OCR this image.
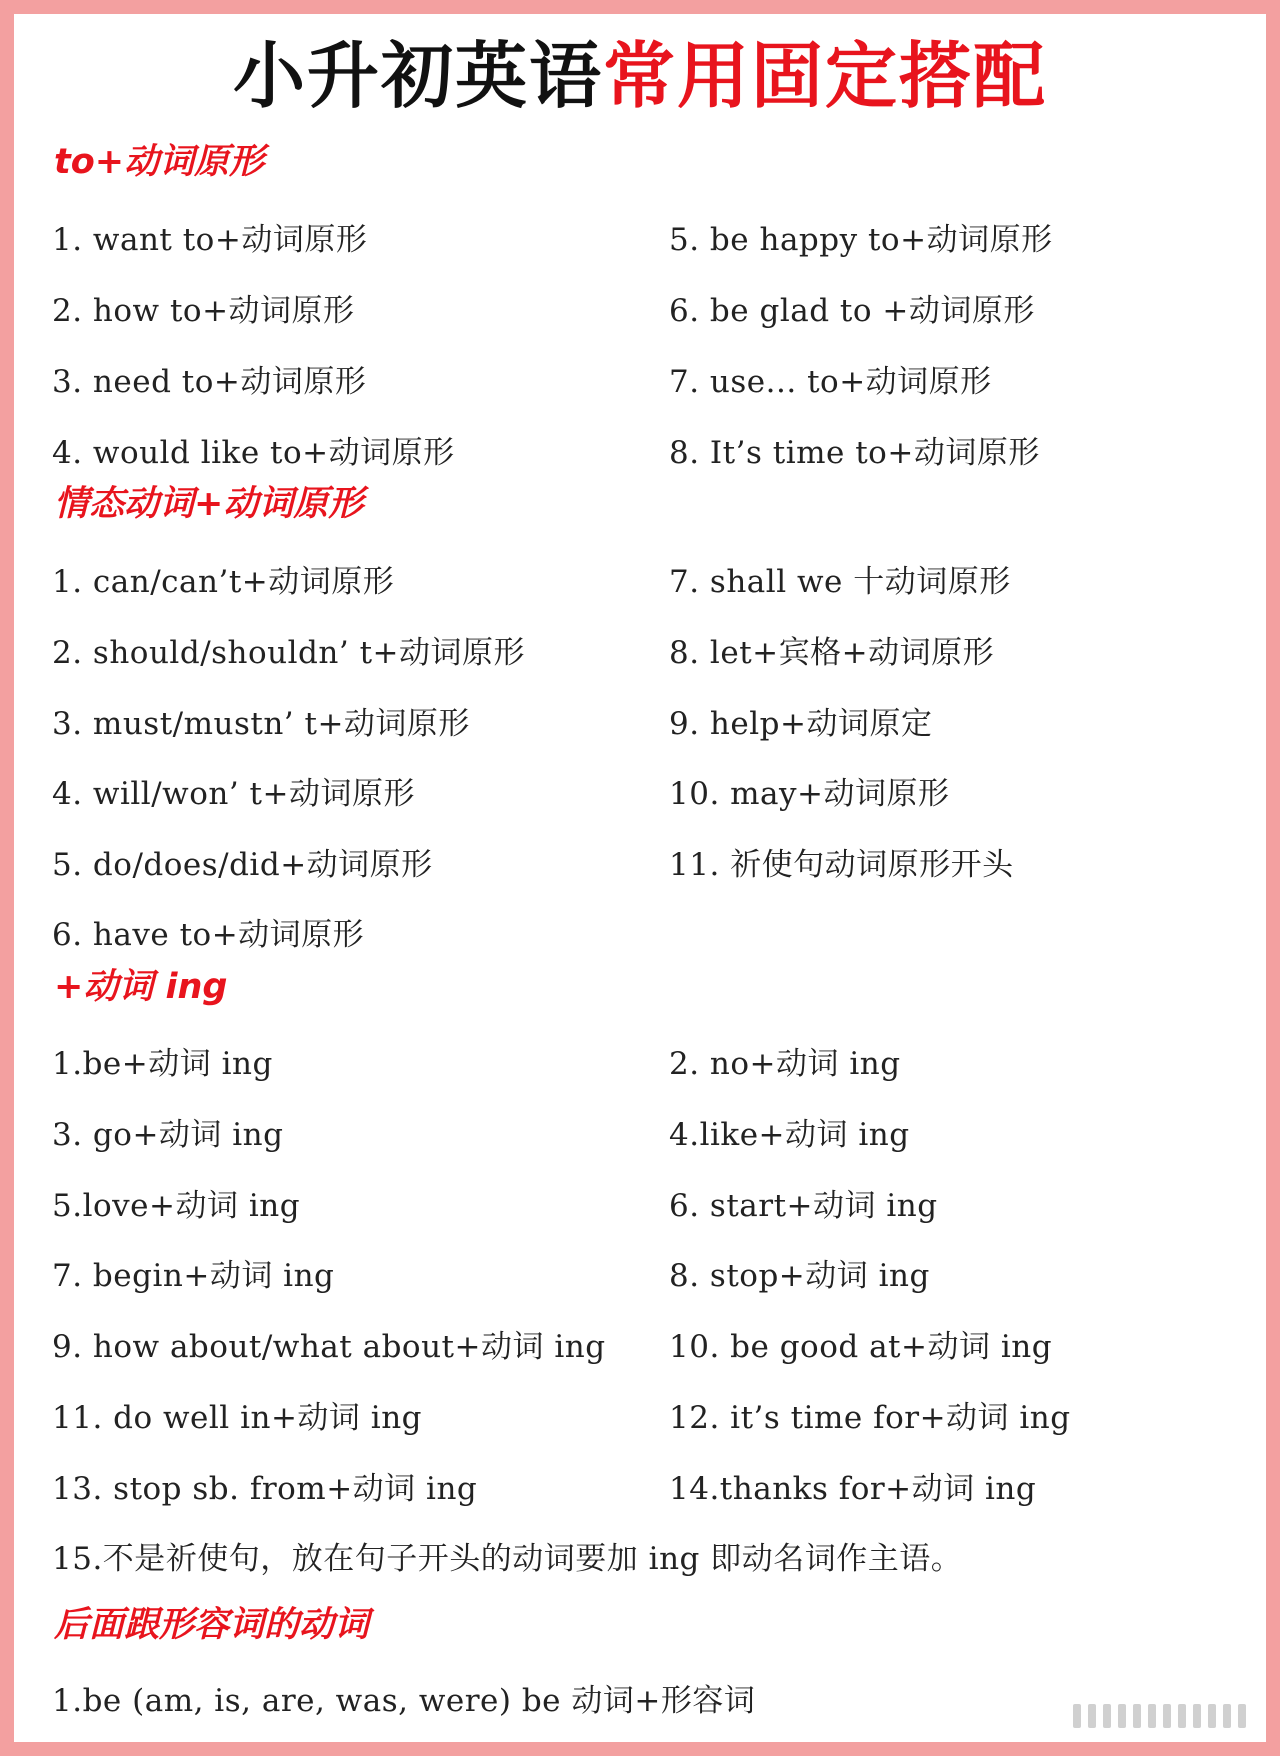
小升初英语常用固定搭配
to+动词原形
1. want to+动词原形
2. how to+动词原形
3. need to+动词原形
4. would like to+动词原形
5. be happy to+动词原形
6. be glad to +动词原形
7. use... to+动词原形
8. It’s time to+动词原形
情态动词+动词原形
1. can/can’t+动词原形
2. should/shouldn’ t+动词原形
3. must/mustn’ t+动词原形
4. will/won’ t+动词原形
5. do/does/did+动词原形
6. have to+动词原形
7. shall we 十动词原形
8. let+宾格+动词原形
9. help+动词原定
10. may+动词原形
11. 祈使句动词原形开头
+动词 ing
1.be+动词 ing
3. go+动词 ing
5.love+动词 ing
7. begin+动词 ing
9. how about/what about+动词 ing
11. do well in+动词 ing
13. stop sb. from+动词 ing
2. no+动词 ing
4.like+动词 ing
6. start+动词 ing
8. stop+动词 ing
10. be good at+动词 ing
12. it’s time for+动词 ing
14.thanks for+动词 ing
15.不是祈使句，放在句子开头的动词要加 ing 即动名词作主语。
后面跟形容词的动词
1.be (am, is, are, was, were) be 动词+形容词
